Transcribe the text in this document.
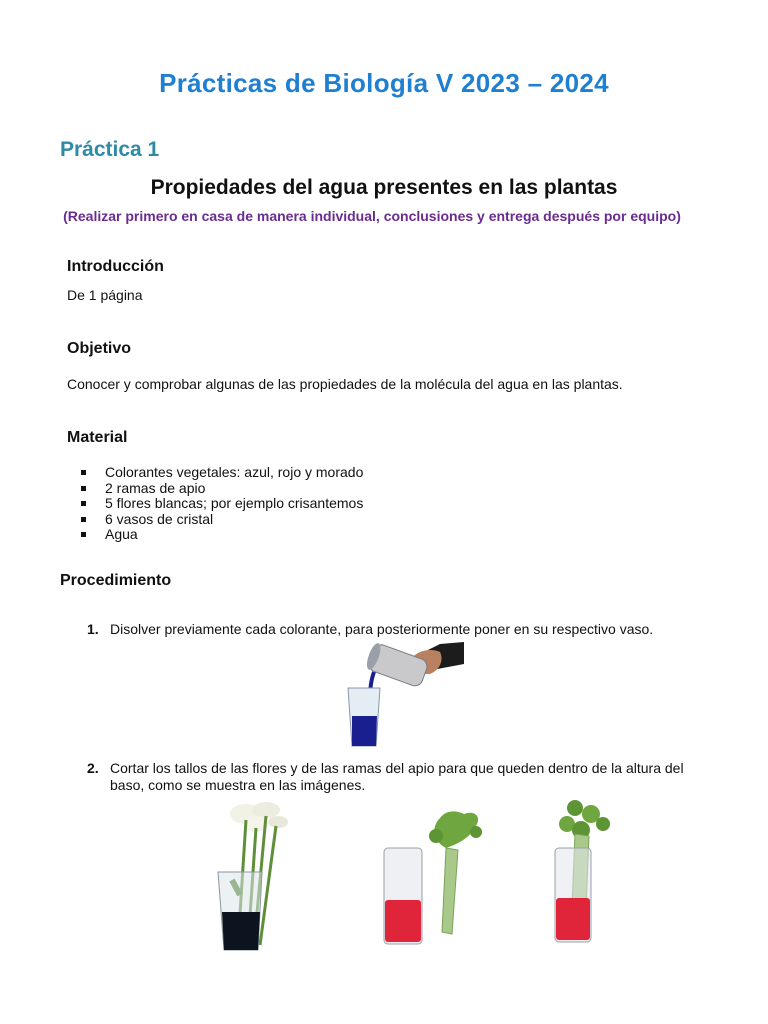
Prácticas de Biología V 2023 – 2024
Práctica 1
Propiedades del agua presentes en las plantas
(Realizar primero en casa de manera individual, conclusiones y entrega después por equipo)
Introducción
De 1 página
Objetivo
Conocer y comprobar algunas de las propiedades de la molécula del agua en las plantas.
Material
Colorantes vegetales: azul, rojo y morado
2 ramas de apio
5 flores blancas; por ejemplo crisantemos
6 vasos de cristal
Agua
Procedimiento
1. Disolver previamente cada colorante, para posteriormente poner en su respectivo vaso.
2. Cortar los tallos de las flores y de las ramas del apio para que queden dentro de la altura del baso, como se muestra en las imágenes.
